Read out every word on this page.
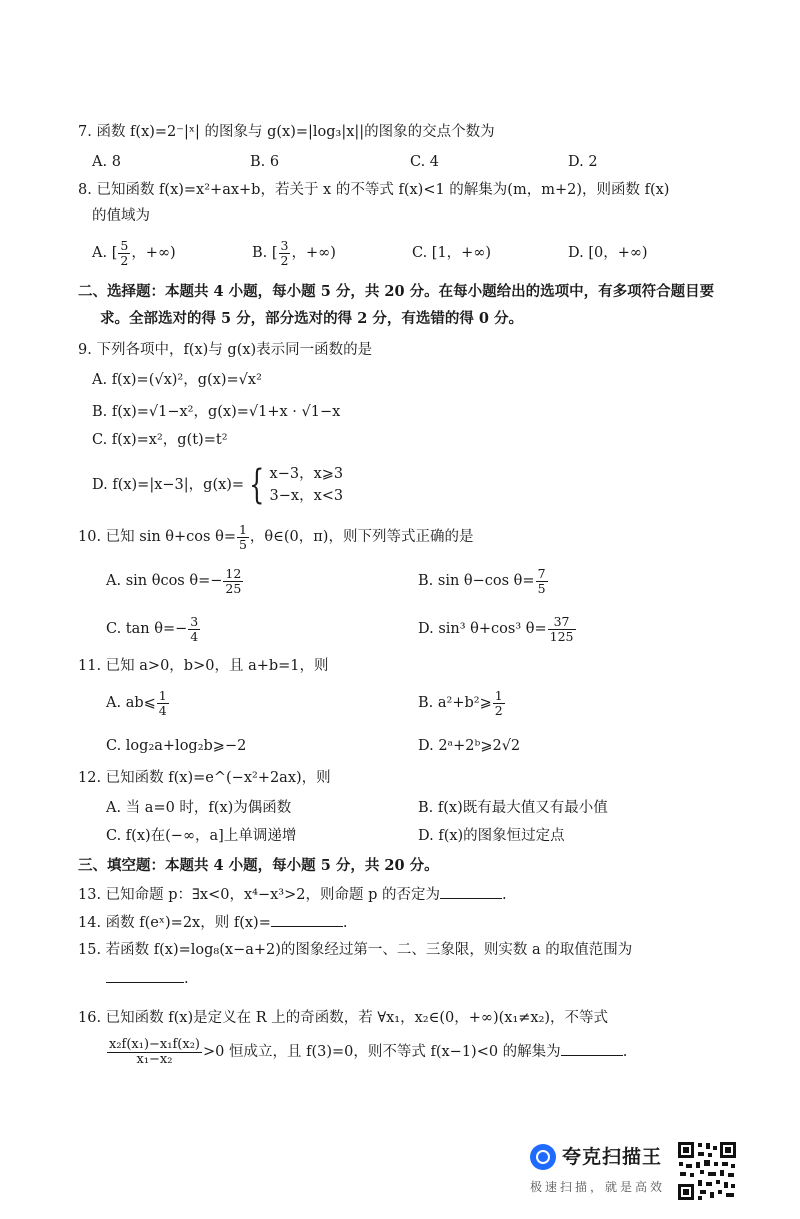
7. 函数 f(x)=2⁻|ˣ| 的图象与 g(x)=|log₃|x||的图象的交点个数为
A. 8	B. 6	C. 4	D. 2
8. 已知函数 f(x)=x²+ax+b，若关于 x 的不等式 f(x)<1 的解集为(m，m+2)，则函数 f(x)
的值域为
A. [ $\frac{5}{2}$ ，+∞)	B. [ $\frac{3}{2}$ ，+∞)	C. [1，+∞)	D. [0，+∞)
二、选择题：本题共 4 小题，每小题 5 分，共 20 分。在每小题给出的选项中，有多项符合题目要
求。全部选对的得 5 分，部分选对的得 2 分，有选错的得 0 分。
9. 下列各项中，f(x)与 g(x)表示同一函数的是
A. f(x)=(√x)²，g(x)=√x²
B. f(x)=√1−x²，g(x)=√1+x · √1−x
C. f(x)=x²，g(t)=t²
D. f(x)=|x−3|，g(x)= { x−3，x⩾3
3−x，x<3
10. 已知 sin θ+cos $\theta= \frac{1}{5}$ ，θ∈(0，π)，则下列等式正确的是
A. sin θcos $\theta=- \frac{12}{25}$	B. sin θ−cos $\theta= \frac{7}{5}$
C. $\tan \theta=- \frac{3}{4}$	D. sin³ θ+cos³ $\theta= \frac{37}{125}$
11. 已知 a>0，b>0，且 a+b=1，则
A. ab⩽ $\frac{1}{4}$	B. a²+b²⩾ $\frac{1}{2}$
C. log₂a+log₂b⩾−2	D. 2ᵃ+2ᵇ⩾2√2
12. 已知函数 f(x)=e^(−x²+2ax)，则
A. 当 a=0 时，f(x)为偶函数	B. f(x)既有最大值又有最小值
C. f(x)在(−∞，a]上单调递增	D. f(x)的图象恒过定点
三、填空题：本题共 4 小题，每小题 5 分，共 20 分。
13. 已知命题 p：∃x<0，x⁴−x³>2，则命题 p 的否定为	.
14. 函数 f(eˣ)=2x，则 f(x)=	.
15. 若函数 f(x)=log₈(x−a+2)的图象经过第一、二、三象限，则实数 a 的取值范围为
.
16. 已知函数 f(x)是定义在 R 上的奇函数，若 ∀x₁，x₂∈(0，+∞)(x₁≠x₂)，不等式
$\frac{\text{x₂f(x₁)−x₁f(x₂)}}{\text{x₁−x₂}} >0$ 恒成立，且 f(3)=0，则不等式 f(x−1)<0 的解集为	.
夸克扫描王
极速扫描，就是高效
